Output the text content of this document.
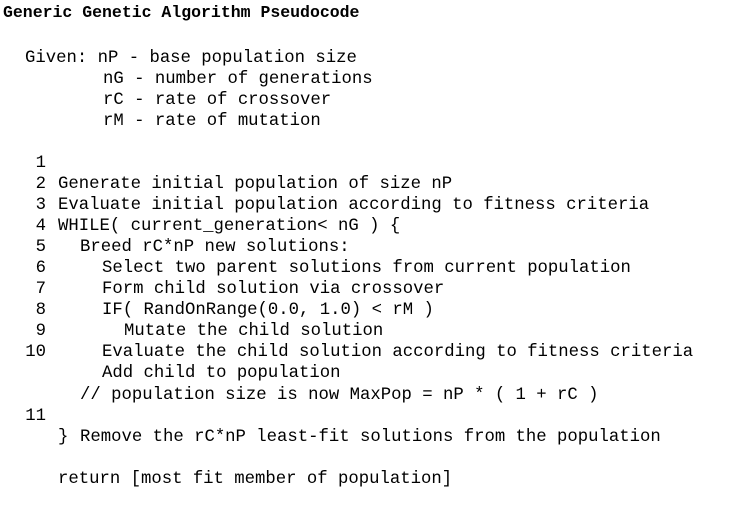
Generic Genetic Algorithm Pseudocode

Given: nP - base population size

nG - number of generations

rC - rate of crossover

rM - rate of mutation

1

Generate initial population of size nP

2

Evaluate initial population according to fitness criteria

3

WHILE( current_generation< nG ) {

4

Breed rC*nP new solutions:

5

Select two parent solutions from current population

6

Form child solution via crossover

7

IF( RandOnRange(0.0, 1.0) < rM )

8

Mutate the child solution

9

Evaluate the child solution according to fitness criteria

10

Add child to population

// population size is now MaxPop = nP * ( 1 + rC )

11

Remove the rC*nP least-fit solutions from the population

}

return [most fit member of population]
